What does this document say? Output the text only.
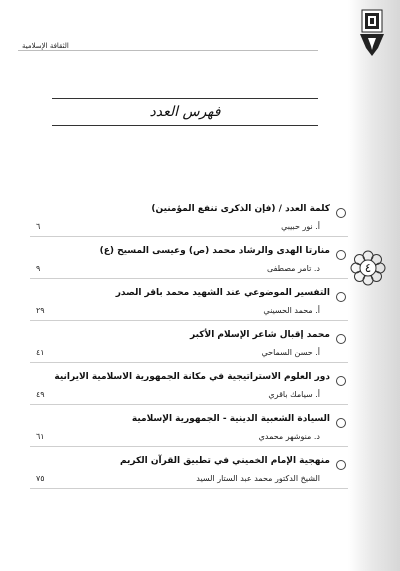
الثقافة الإسلامية
٤
فهرس العدد
كلمة العدد / (فإن الذكرى تنفع المؤمنين)
أ. نور حبيبي
٦
منارتا الهدى والرشاد محمد (ص) وعيسى المسيح (ع)
د. تامر مصطفى
٩
التفسير الموضوعي عند الشهيد محمد باقر الصدر
أ. محمد الحسيني
٢٩
محمد إقبال شاعر الإسلام الأكبر
أ. حسن السماحي
٤١
دور العلوم الاستراتيجية في مكانة الجمهورية الاسلامية الايرانية
أ. سيامك باقري
٤٩
السيادة الشعبية الدينية - الجمهورية الإسلامية
د. منوشهر محمدي
٦١
منهجية الإمام الخميني في تطبيق القرآن الكريم
الشيخ الدكتور محمد عبد الستار السيد
٧٥
